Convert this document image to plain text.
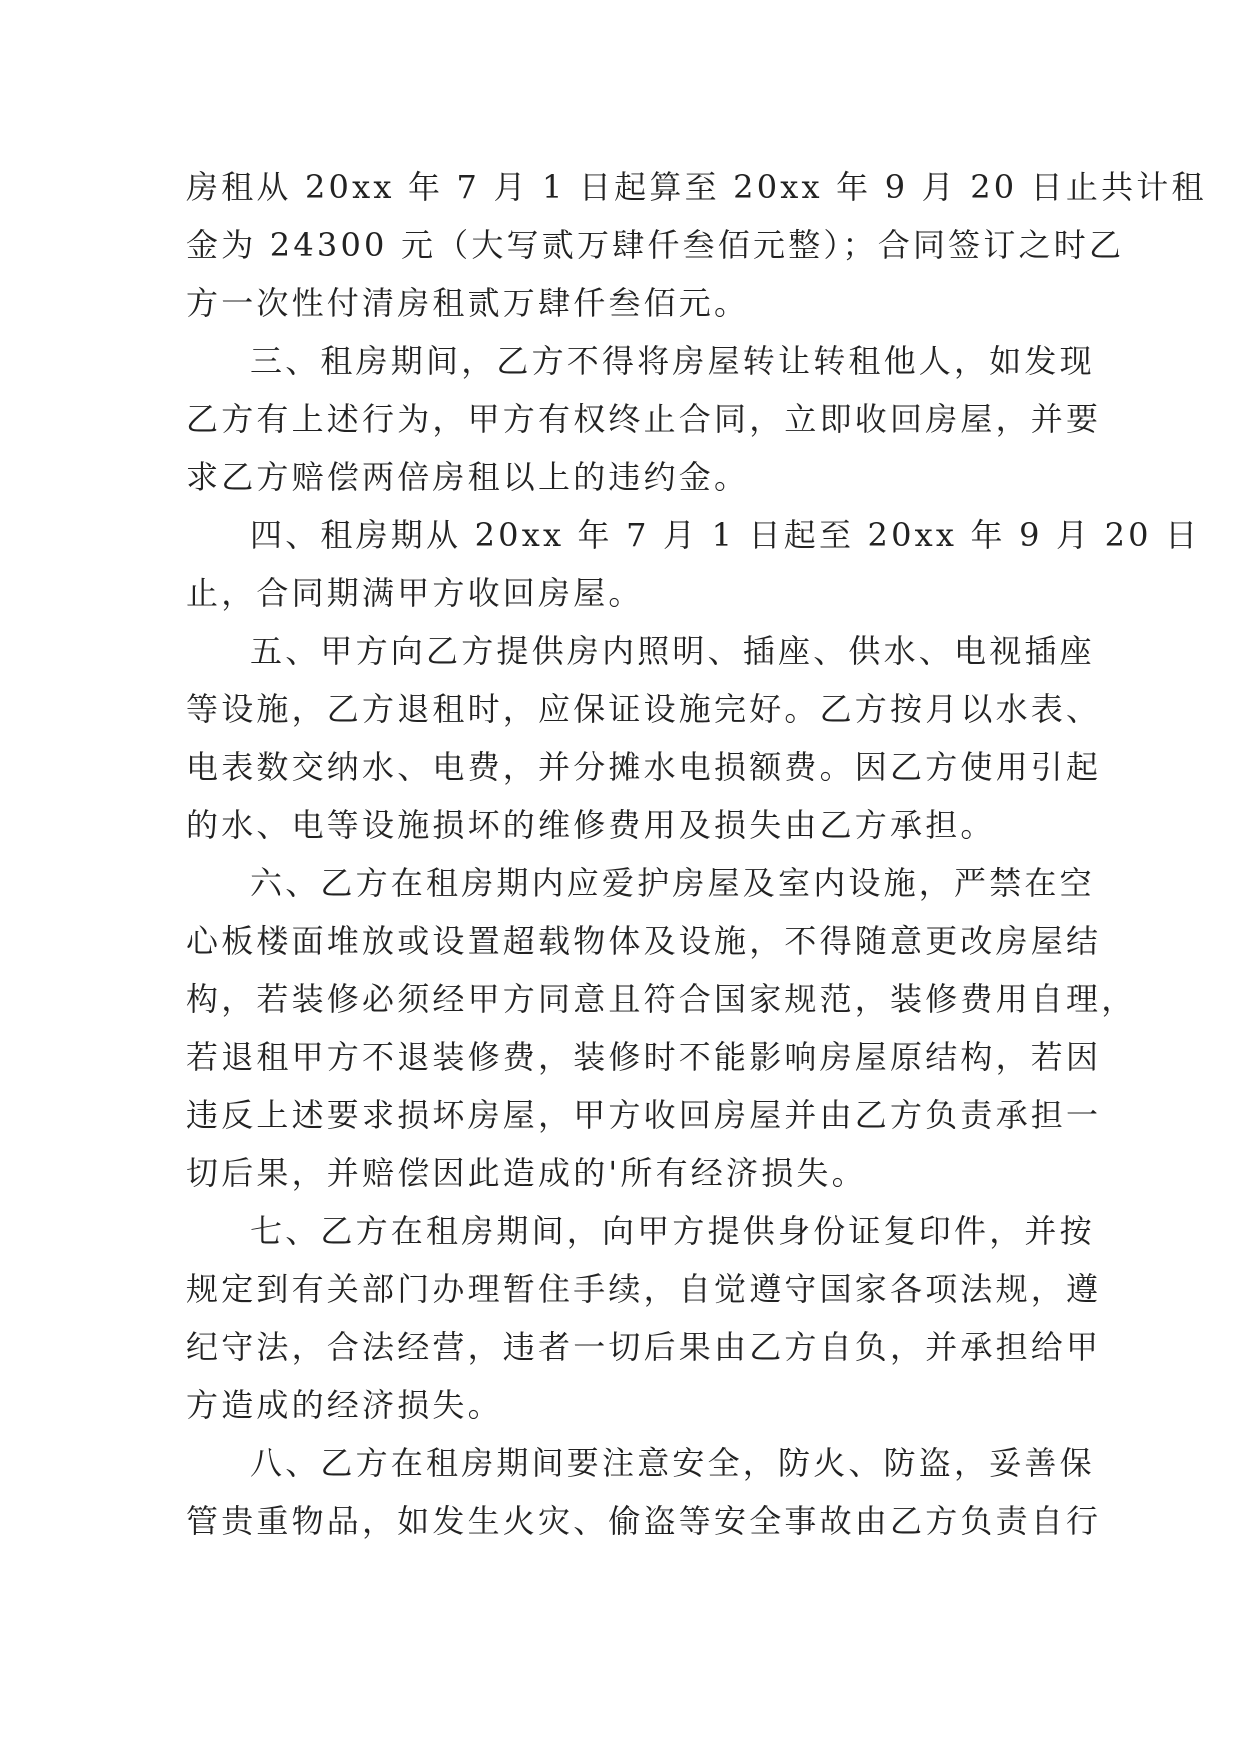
房租从 20xx 年 7 月 1 日起算至 20xx 年 9 月 20 日止共计租
金为 24300 元（大写贰万肆仟叁佰元整）；合同签订之时乙
方一次性付清房租贰万肆仟叁佰元。
三、租房期间，乙方不得将房屋转让转租他人，如发现
乙方有上述行为，甲方有权终止合同，立即收回房屋，并要
求乙方赔偿两倍房租以上的违约金。
四、租房期从 20xx 年 7 月 1 日起至 20xx 年 9 月 20 日
止，合同期满甲方收回房屋。
五、甲方向乙方提供房内照明、插座、供水、电视插座
等设施，乙方退租时，应保证设施完好。乙方按月以水表、
电表数交纳水、电费，并分摊水电损额费。因乙方使用引起
的水、电等设施损坏的维修费用及损失由乙方承担。
六、乙方在租房期内应爱护房屋及室内设施，严禁在空
心板楼面堆放或设置超载物体及设施，不得随意更改房屋结
构，若装修必须经甲方同意且符合国家规范，装修费用自理，
若退租甲方不退装修费，装修时不能影响房屋原结构，若因
违反上述要求损坏房屋，甲方收回房屋并由乙方负责承担一
切后果，并赔偿因此造成的'所有经济损失。
七、乙方在租房期间，向甲方提供身份证复印件，并按
规定到有关部门办理暂住手续，自觉遵守国家各项法规，遵
纪守法，合法经营，违者一切后果由乙方自负，并承担给甲
方造成的经济损失。
八、乙方在租房期间要注意安全，防火、防盗，妥善保
管贵重物品，如发生火灾、偷盗等安全事故由乙方负责自行
